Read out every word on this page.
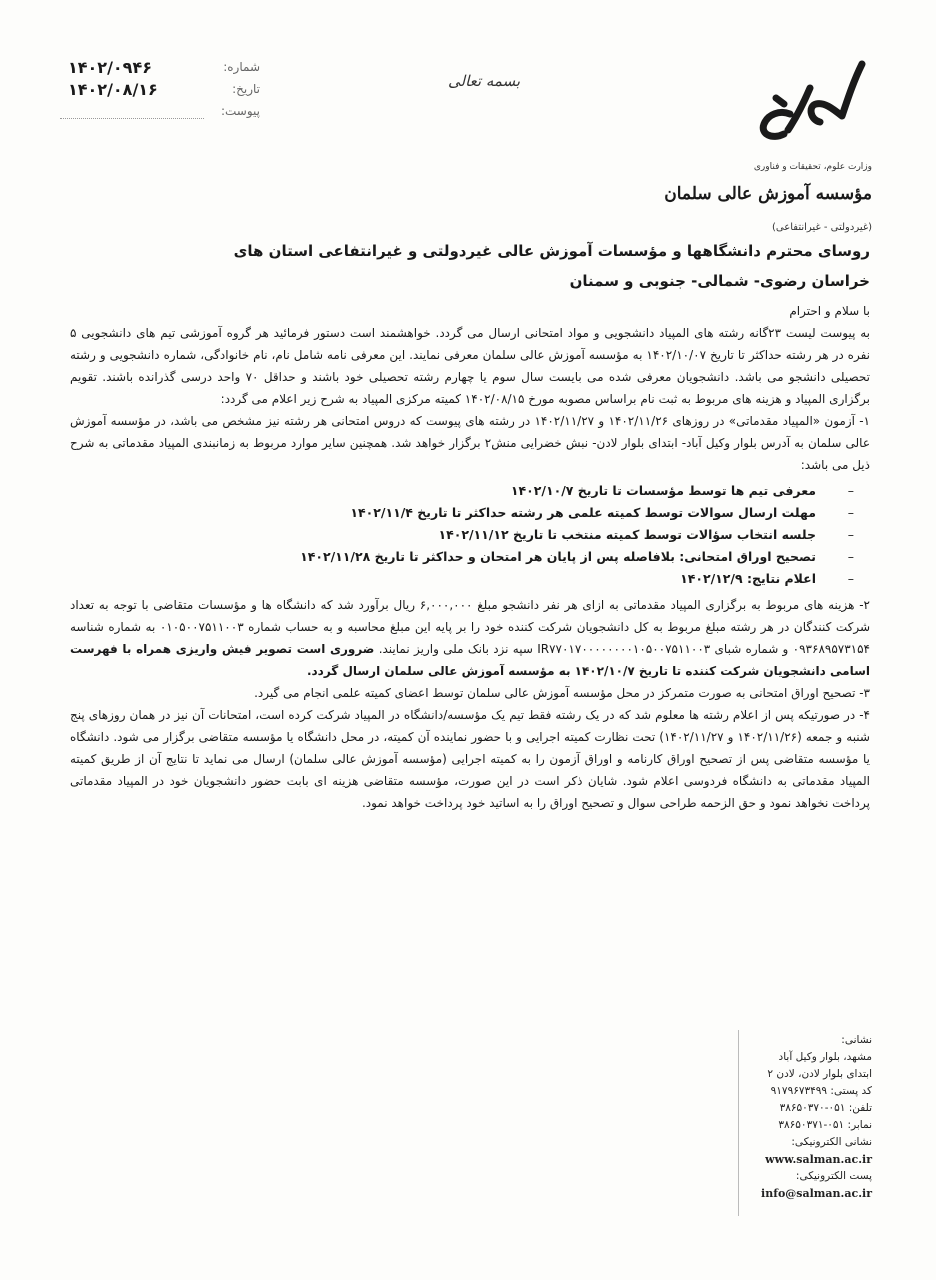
شماره:
۱۴۰۲/۰۹۴۶
تاریخ:
۱۴۰۲/۰۸/۱۶
پیوست:
بسمه تعالی
وزارت علوم، تحقیقات و فناوری
مؤسسه آموزش عالی سلمان
(غیردولتی - غیرانتفاعی)

روسای محترم دانشگاهها و مؤسسات آموزش عالی غیردولتی و غیرانتفاعی استان های

خراسان رضوی- شمالی- جنوبی و سمنان

با سلام و احترام

به پیوست لیست ۲۳گانه رشته های المپیاد دانشجویی و مواد امتحانی ارسال می گردد. خواهشمند است دستور فرمائید هر گروه آموزشی تیم های دانشجویی ۵ نفره در هر رشته حداکثر تا تاریخ ۱۴۰۲/۱۰/۰۷ به مؤسسه آموزش عالی سلمان معرفی نمایند. این معرفی نامه شامل نام، نام خانوادگی، شماره دانشجویی و رشته تحصیلی دانشجو می باشد. دانشجویان معرفی شده می بایست سال سوم یا چهارم رشته تحصیلی خود باشند و حداقل ۷۰ واحد درسی گذرانده باشند. تقویم برگزاری المپیاد و هزینه های مربوط به ثبت نام براساس مصوبه مورخ ۱۴۰۲/۰۸/۱۵ کمیته مرکزی المپیاد به شرح زیر اعلام می گردد:

۱- آزمون «المپیاد مقدماتی» در روزهای ۱۴۰۲/۱۱/۲۶ و ۱۴۰۲/۱۱/۲۷ در رشته های پیوست که دروس امتحانی هر رشته نیز مشخص می باشد، در مؤسسه آموزش عالی سلمان به آدرس بلوار وکیل آباد- ابتدای بلوار لادن- نبش خضرایی منش۲ برگزار خواهد شد. همچنین سایر موارد مربوط به زمانبندی المپیاد مقدماتی به شرح ذیل می باشد:

– معرفی تیم ها توسط مؤسسات تا تاریخ ۱۴۰۲/۱۰/۷
– مهلت ارسال سوالات توسط کمیته علمی هر رشته حداکثر تا تاریخ ۱۴۰۲/۱۱/۴
– جلسه انتخاب سؤالات توسط کمیته منتخب تا تاریخ ۱۴۰۲/۱۱/۱۲
– تصحیح اوراق امتحانی: بلافاصله پس از پایان هر امتحان و حداکثر تا تاریخ ۱۴۰۲/۱۱/۲۸
– اعلام نتایج: ۱۴۰۲/۱۲/۹

۲- هزینه های مربوط به برگزاری المپیاد مقدماتی به ازای هر نفر دانشجو مبلغ ۶,۰۰۰,۰۰۰ ریال برآورد شد که دانشگاه ها و مؤسسات متقاضی با توجه به تعداد شرکت کنندگان در هر رشته مبلغ مربوط به کل دانشجویان شرکت کننده خود را بر پایه این مبلغ محاسبه و به حساب شماره ۰۱۰۵۰۰۷۵۱۱۰۰۳ به شماره شناسه ۰۹۳۶۸۹۵۷۳۱۵۴ و شماره شبای IR۷۷۰۱۷۰۰۰۰۰۰۰۰۱۰۵۰۰۷۵۱۱۰۰۳ سپه نزد بانک ملی واریز نمایند. ضروری است تصویر فیش واریزی همراه با فهرست اسامی دانشجویان شرکت کننده تا تاریخ ۱۴۰۲/۱۰/۷ به مؤسسه آموزش عالی سلمان ارسال گردد.

۳- تصحیح اوراق امتحانی به صورت متمرکز در محل مؤسسه آموزش عالی سلمان توسط اعضای کمیته علمی انجام می گیرد.

۴- در صورتیکه پس از اعلام رشته ها معلوم شد که در یک رشته فقط تیم یک مؤسسه/دانشگاه در المپیاد شرکت کرده است، امتحانات آن نیز در همان روزهای پنج شنبه و جمعه (۱۴۰۲/۱۱/۲۶ و ۱۴۰۲/۱۱/۲۷) تحت نظارت کمیته اجرایی و با حضور نماینده آن کمیته، در محل دانشگاه یا مؤسسه متقاضی برگزار می شود. دانشگاه یا مؤسسه متقاضی پس از تصحیح اوراق کارنامه و اوراق آزمون را به کمیته اجرایی (مؤسسه آموزش عالی سلمان) ارسال می نماید تا نتایج آن از طریق کمیته المپیاد مقدماتی به دانشگاه فردوسی اعلام شود. شایان ذکر است در این صورت، مؤسسه متقاضی هزینه ای بابت حضور دانشجویان خود در المپیاد مقدماتی پرداخت نخواهد نمود و حق الزحمه طراحی سوال و تصحیح اوراق را به اساتید خود پرداخت خواهد نمود.

نشانی:
مشهد، بلوار وکیل آباد
ابتدای بلوار لادن، لادن ۲
کد پستی: ۹۱۷۹۶۷۳۴۹۹
تلفن: ۰۵۱-۳۸۶۵۰۳۷۰
نمابر: ۰۵۱-۳۸۶۵۰۳۷۱
نشانی الکترونیکی:
www.salman.ac.ir
پست الکترونیکی:
info@salman.ac.ir
